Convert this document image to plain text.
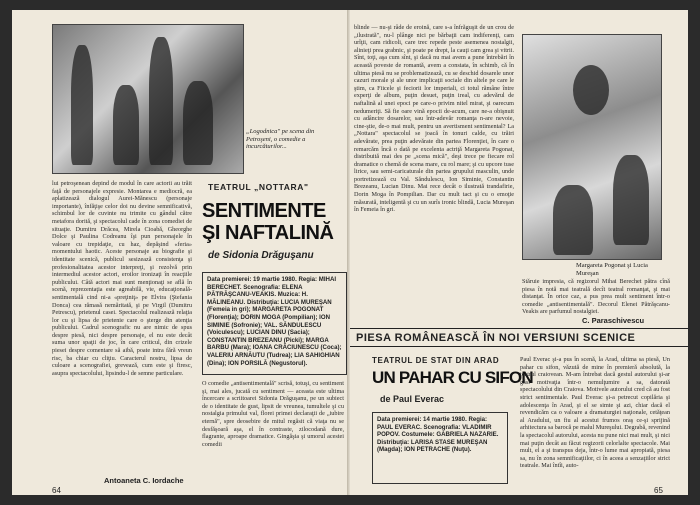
„Logodnica" pe scena din Petroşeni, o comedie a incurcăturilor...
lui petroşenean depind de modul în care actorii au trăit faţă de personajele expresie. Montarea e mediocră, ea aplatizează dialogul Aurei-Mănescu (personaje importante), înfăţişe celor doi nu devine semnificativă, schimbul lor de cuvinte nu trimite cu gândul către metafora dorită, şi spectacolul cade în zona comediei de situaţie. Dumitru Drăcea, Mirela Cioabă, Gheorghe Dolce şi Paulina Codreanu îşi pun personajele în valoare cu trepidaţie, cu haz, depăşind «feria» momentului haotic. Aceste personaje au biografie şi identitate scenică, publicul sesizează consistenţa şi profesionalitatea acestor interpreţi, şi rezolvă prin intermediul acestor actori, eroilor ironizaţi în reacţiile publicului. Câtă actori mai sunt menţionaţi se află în scenă, reprezentaţia este agreabilă, vie, educaţională-sentimentală cind ni-a «preţiniţ» pe Elvira (Ştefania Donca) cea rămasă nemăritată, şi pe Virgil (Dumitru Petrescu), prietenul casei. Spectacolul realizează relaţia lor cu şi lipsa de prietenie care o şterge din atenţia publicului. Cadrul scenografic nu are nimic de spus despre piesă, nici despre personaje, el nu este decât suma unor spaţii de joc, în care criticul, din crizele piesei despre comentare să aibă, poate intra fără vreun risc, ba chiar cu cliţiu. Caracterul nostru, lipsa de culoare a scenografiei, grevează, cum este şi firesc, asupra spectacolului, lipsindu-l de semne particulare.
Antoaneta C. Iordache
TEATRUL „NOTTARA"
SENTIMENTE
ŞI NAFTALINĂ
de Sidonia Drăguşanu
Data premierei: 19 martie 1980. Regia: MIHAI BERECHET. Scenografia: ELENA PĂTRĂŞCANU-VEAKIS. Muzica: H. MĂLINEANU. Distribuţia: LUCIA MUREŞAN (Femeia in gri); MARGARETA POGONAT (Florenţia); DORIN MOGA (Pompilian); ION SIMINIE (Sofronie); VAL. SĂNDULESCU (Voiculescu); LUCIAN DINU (Sacia); CONSTANTIN BREZEANU (Picki); MARGA BARBU (Mara); IOANA CRĂCIUNESCU (Coca); VALERIU ARNĂUTU (Tudrea); LIA SAHIGHIAN (Dina); ION PORSILĂ (Negustorul).
O comedie „antisentimentală" scrisă, totuşi, cu sentiment şi, mai ales, jucată cu sentiment — aceasta este ultima încercare a scriitoarei Sidonia Drăguşanu, pe un subiect de o identitate de gust, lipsit de vreunea, tumultele şi cu nostalgia primului val, florei primei declaraţii de „iubire eternă", spre deosebire de mitul regăsit că viaţa nu se desfăşoară aşa, el în contraste, zilocodană dure, flagrante, aproape dramatice. Gingăşia şi umorul acestei comedii
64
blinde — nu-şi râde de eroină, care s-a înfrăguşit de un crou de „ilustrată", nu-l plânge nici pe bărbaţii cam indiferenţi, cam urîţii, cam ridicoli, care trec repede peste asemenea nostalgii, alinieţi prea grabnic, şi poate pe drept, la cauţi cam grea şi vitrii. Sînt, toţi, aşa cum sînt, şi dacă nu mai avem a pune întrebări în această poveste de romantă, avem a constata, în schimb, că în ultima piesă nu se problematizează, cu se deschid dosarele unor cazuri morale şi ale unor implicaţii sociale din altele pe care le ştim, ca Fiicele şi feciorii lor imperiali, ci totul rămâne între experţi de album, puţin desuet, puţin ireal, cu adevărul de naftalină al unei epoci pe care-o privim nitel mirat, şi oarecum nedumeriţi. Să fie oare vină epocii de-acum, care ne-a obişnuit cu adâncire dosarelor, sau într-adevăr romanţa n-are nevoie, cine-ştie, de-o mai mult, pentru un avertisment sentimental? La „Nottara" spectacolul se joacă în tonuri calde, cu trăiri adevărate, prea puţin adevărate din partea Florenţiei, în care o remarcăm încă o dată pe excelenta actriţă Margareta Pogonat, distribuită mai des pe „scena mică", deşi trece pe fiecare rol dramatice o chemă de scena mare, cu rol mare; şi cu upcore tuse lirice, sau semi-caricaturale din partea grupului masculin, unde portretizează cu Val. Săndulescu, Ion Siminie, Constantin Brezeanu, Lucian Dinu. Mai rece decât o ilustrată trandafirie, Dorin Moga în Pompilian. Dar cu mult tact şi cu o emoţie măsurată, inteligentă şi cu un surîs ironic blindă, Lucia Mureşan în Femeia în gri.
Margareta Pogonat şi Lucia Mureşan
Stăruie impresia, că regizorul Mihai Berechet pătra cînă piesa în notă mai teatrală decît teatral romanţat, şi mai distanţat. În orice caz, a pus prea mult sentiment într-o comedie „antisentimentală". Decorul Elenei Pătrăşcanu-Veakis are parfumul nostalgiei.
C. Paraschivescu
PIESA ROMÂNEASCĂ ÎN NOI VERSIUNI SCENICE
TEATRUL DE STAT DIN ARAD
UN PAHAR CU SIFON
de Paul Everac
Data premierei: 14 martie 1980. Regia: PAUL EVERAC. Scenografia: VLADIMIR POPOV. Costumele: GABRIELA NAZARIE. Distribuţia: LARISA STASE MUREŞAN (Magda); ION PETRACHE (Nuţu).
Paul Everac şi-a pus în scenă, la Arad, ultima sa piesă, Un pahar cu sifon, văzută de mine în premieră absolută, la teatrul craiovean. M-am întrebat dacă gestul autorului şi-ar găsi motivaţia într-o nemulţumire a sa, datorată spectacolului din Craiova. Motivele autorului cred că au fost strict sentimentale. Paul Everac şi-a petrecut copilăria şi adolescenţa în Arad, şi el se simte şi azi, chiar dacă el revendicăm ca o valoare a dramaturgiei naţionale, cetăţean al Aradului, un fiu al acestui frumos oraş ce-şi sprijină arhitectura sa barocă pe malul Mureşului. Degrabă, revenind la spectacolul autorului, acesta nu pune nici mai mult, şi nici mai puţin decât au făcut regizorii celorlalte spectacole. Mai mult, el a şi transpus deja, într-o lume mai apropiată, piesa sa, nu în zona semnificaţiilor, ci în aceea a senzaţiilor strict teatrale. Mai întîi, auto-
65
